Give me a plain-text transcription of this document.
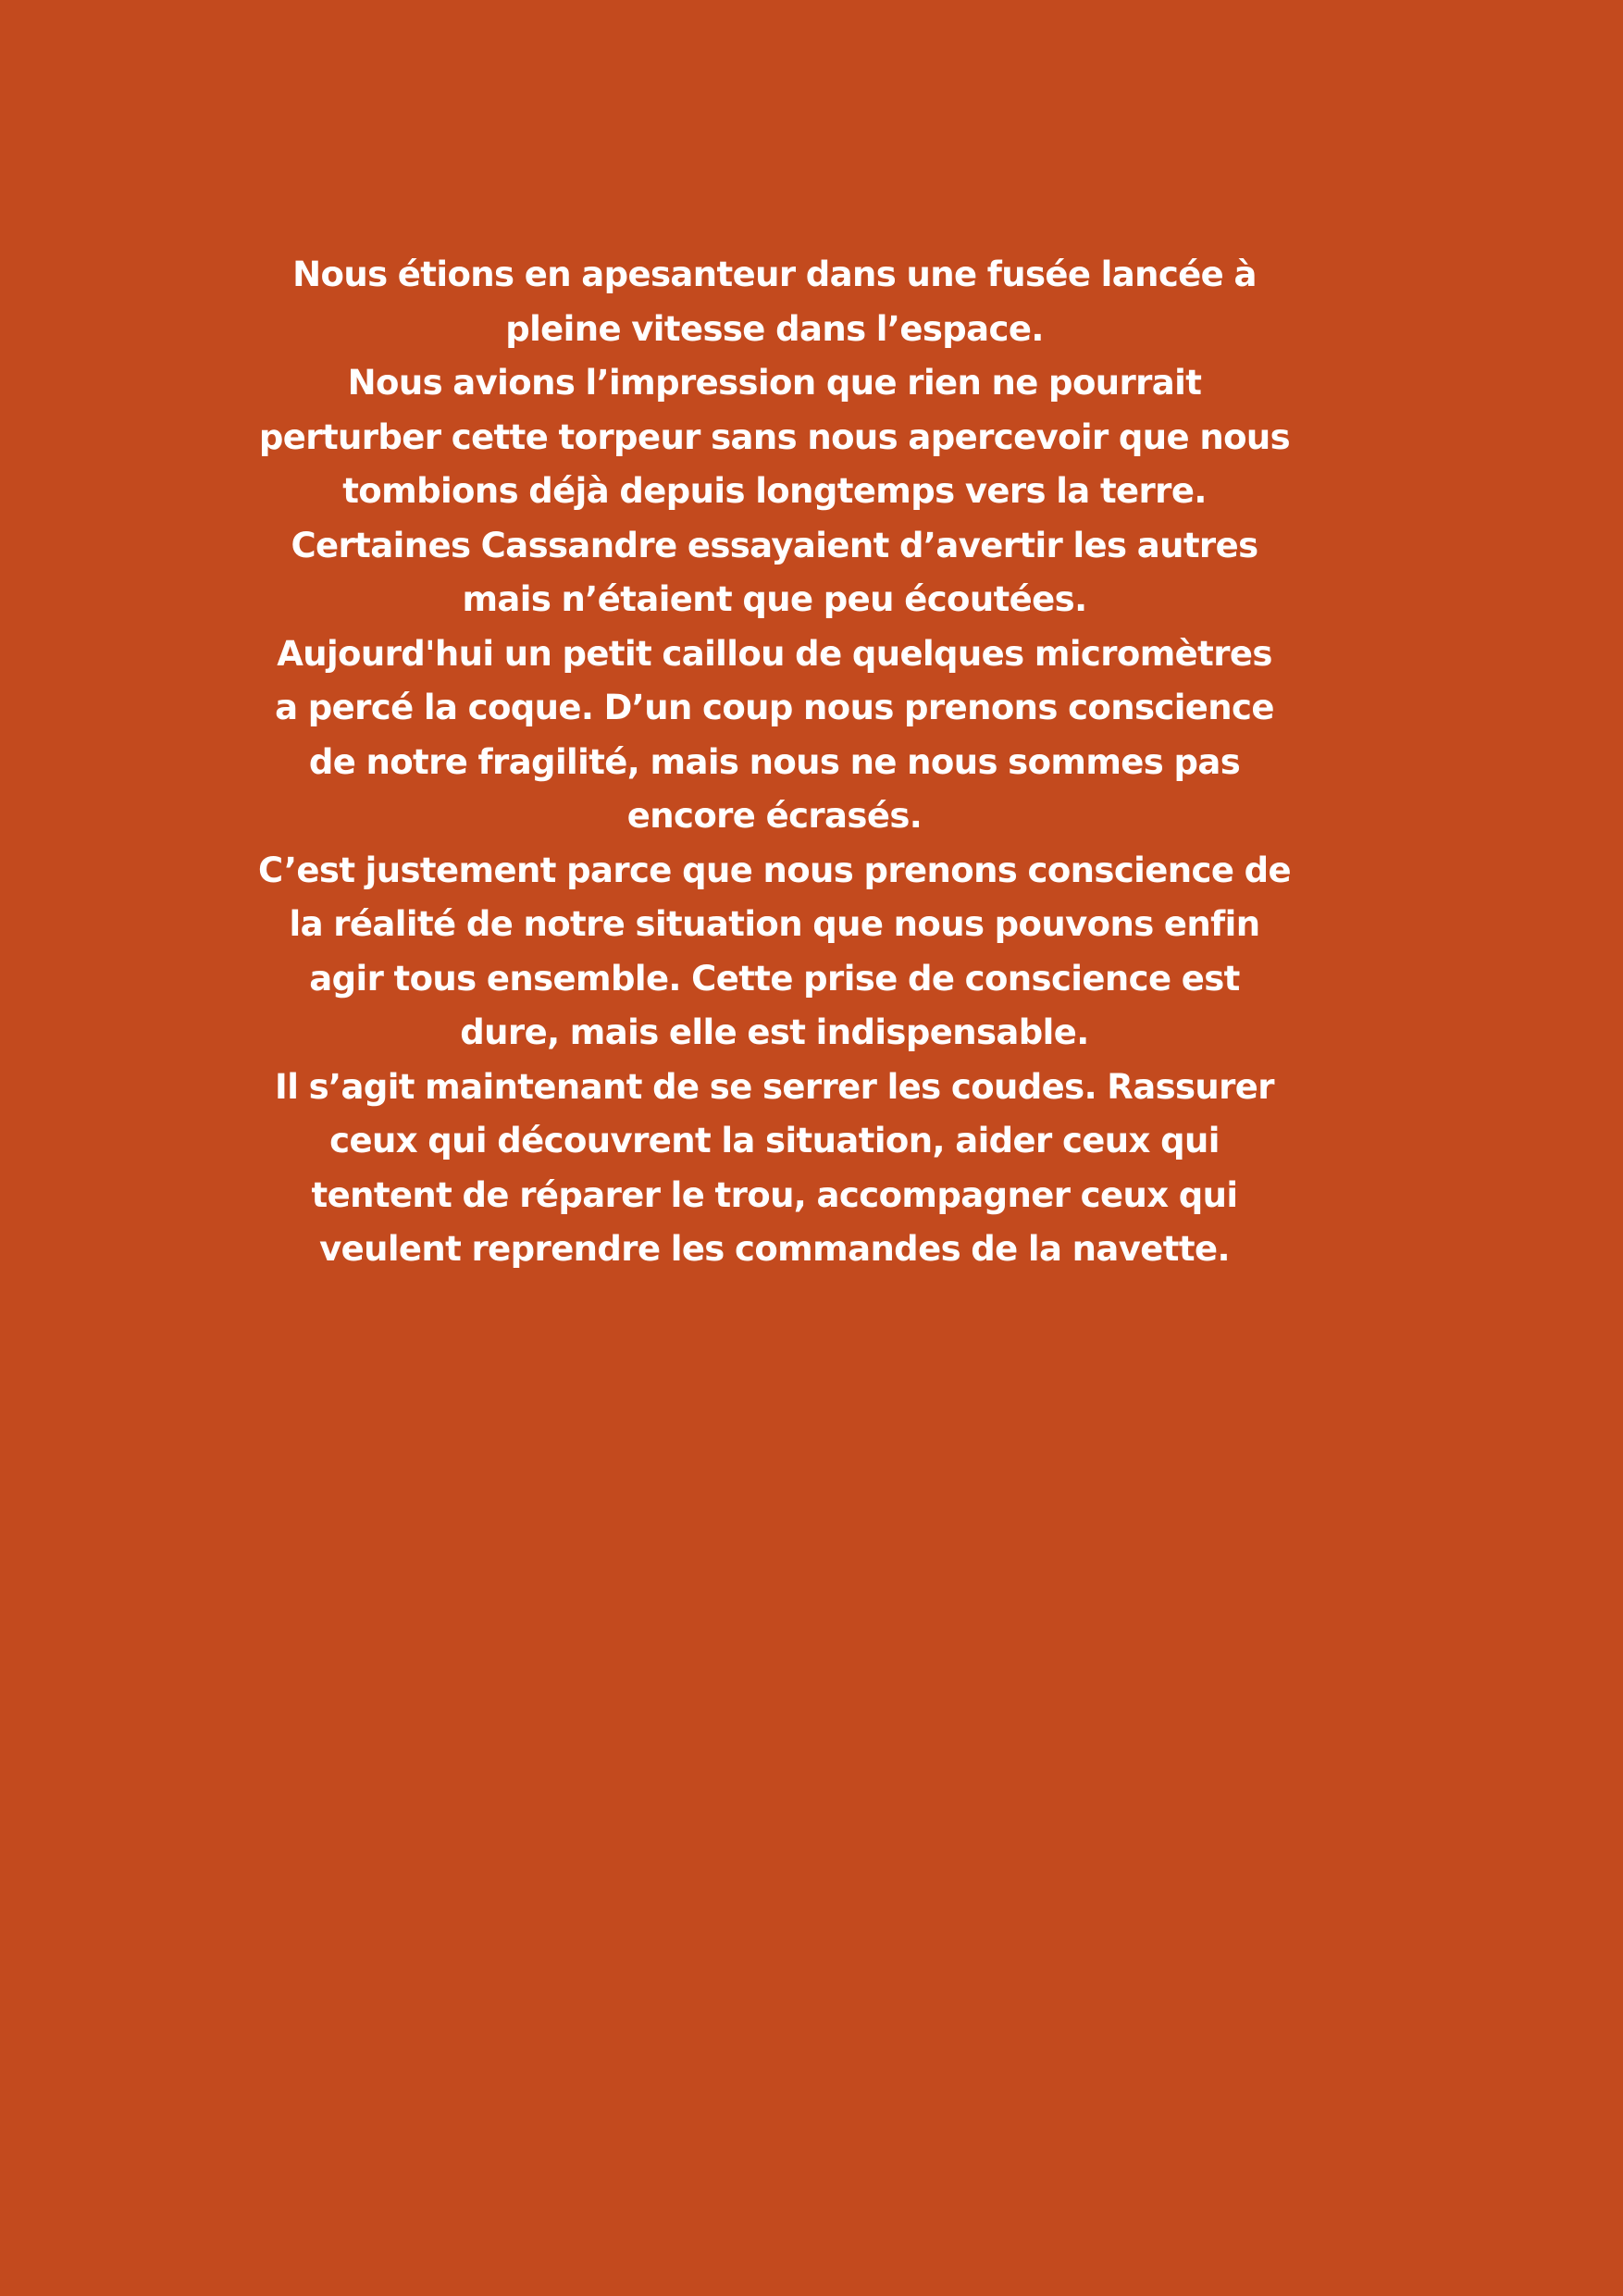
Nous étions en apesanteur dans une fusée lancée à
pleine vitesse dans l’espace.
Nous avions l’impression que rien ne pourrait
perturber cette torpeur sans nous apercevoir que nous
tombions déjà depuis longtemps vers la terre.
Certaines Cassandre essayaient d’avertir les autres
mais n’étaient que peu écoutées.
Aujourd'hui un petit caillou de quelques micromètres
a percé la coque. D’un coup nous prenons conscience
de notre fragilité, mais nous ne nous sommes pas
encore écrasés.
C’est justement parce que nous prenons conscience de
la réalité de notre situation que nous pouvons enfin
agir tous ensemble. Cette prise de conscience est
dure, mais elle est indispensable.
Il s’agit maintenant de se serrer les coudes. Rassurer
ceux qui découvrent la situation, aider ceux qui
tentent de réparer le trou, accompagner ceux qui
veulent reprendre les commandes de la navette.
